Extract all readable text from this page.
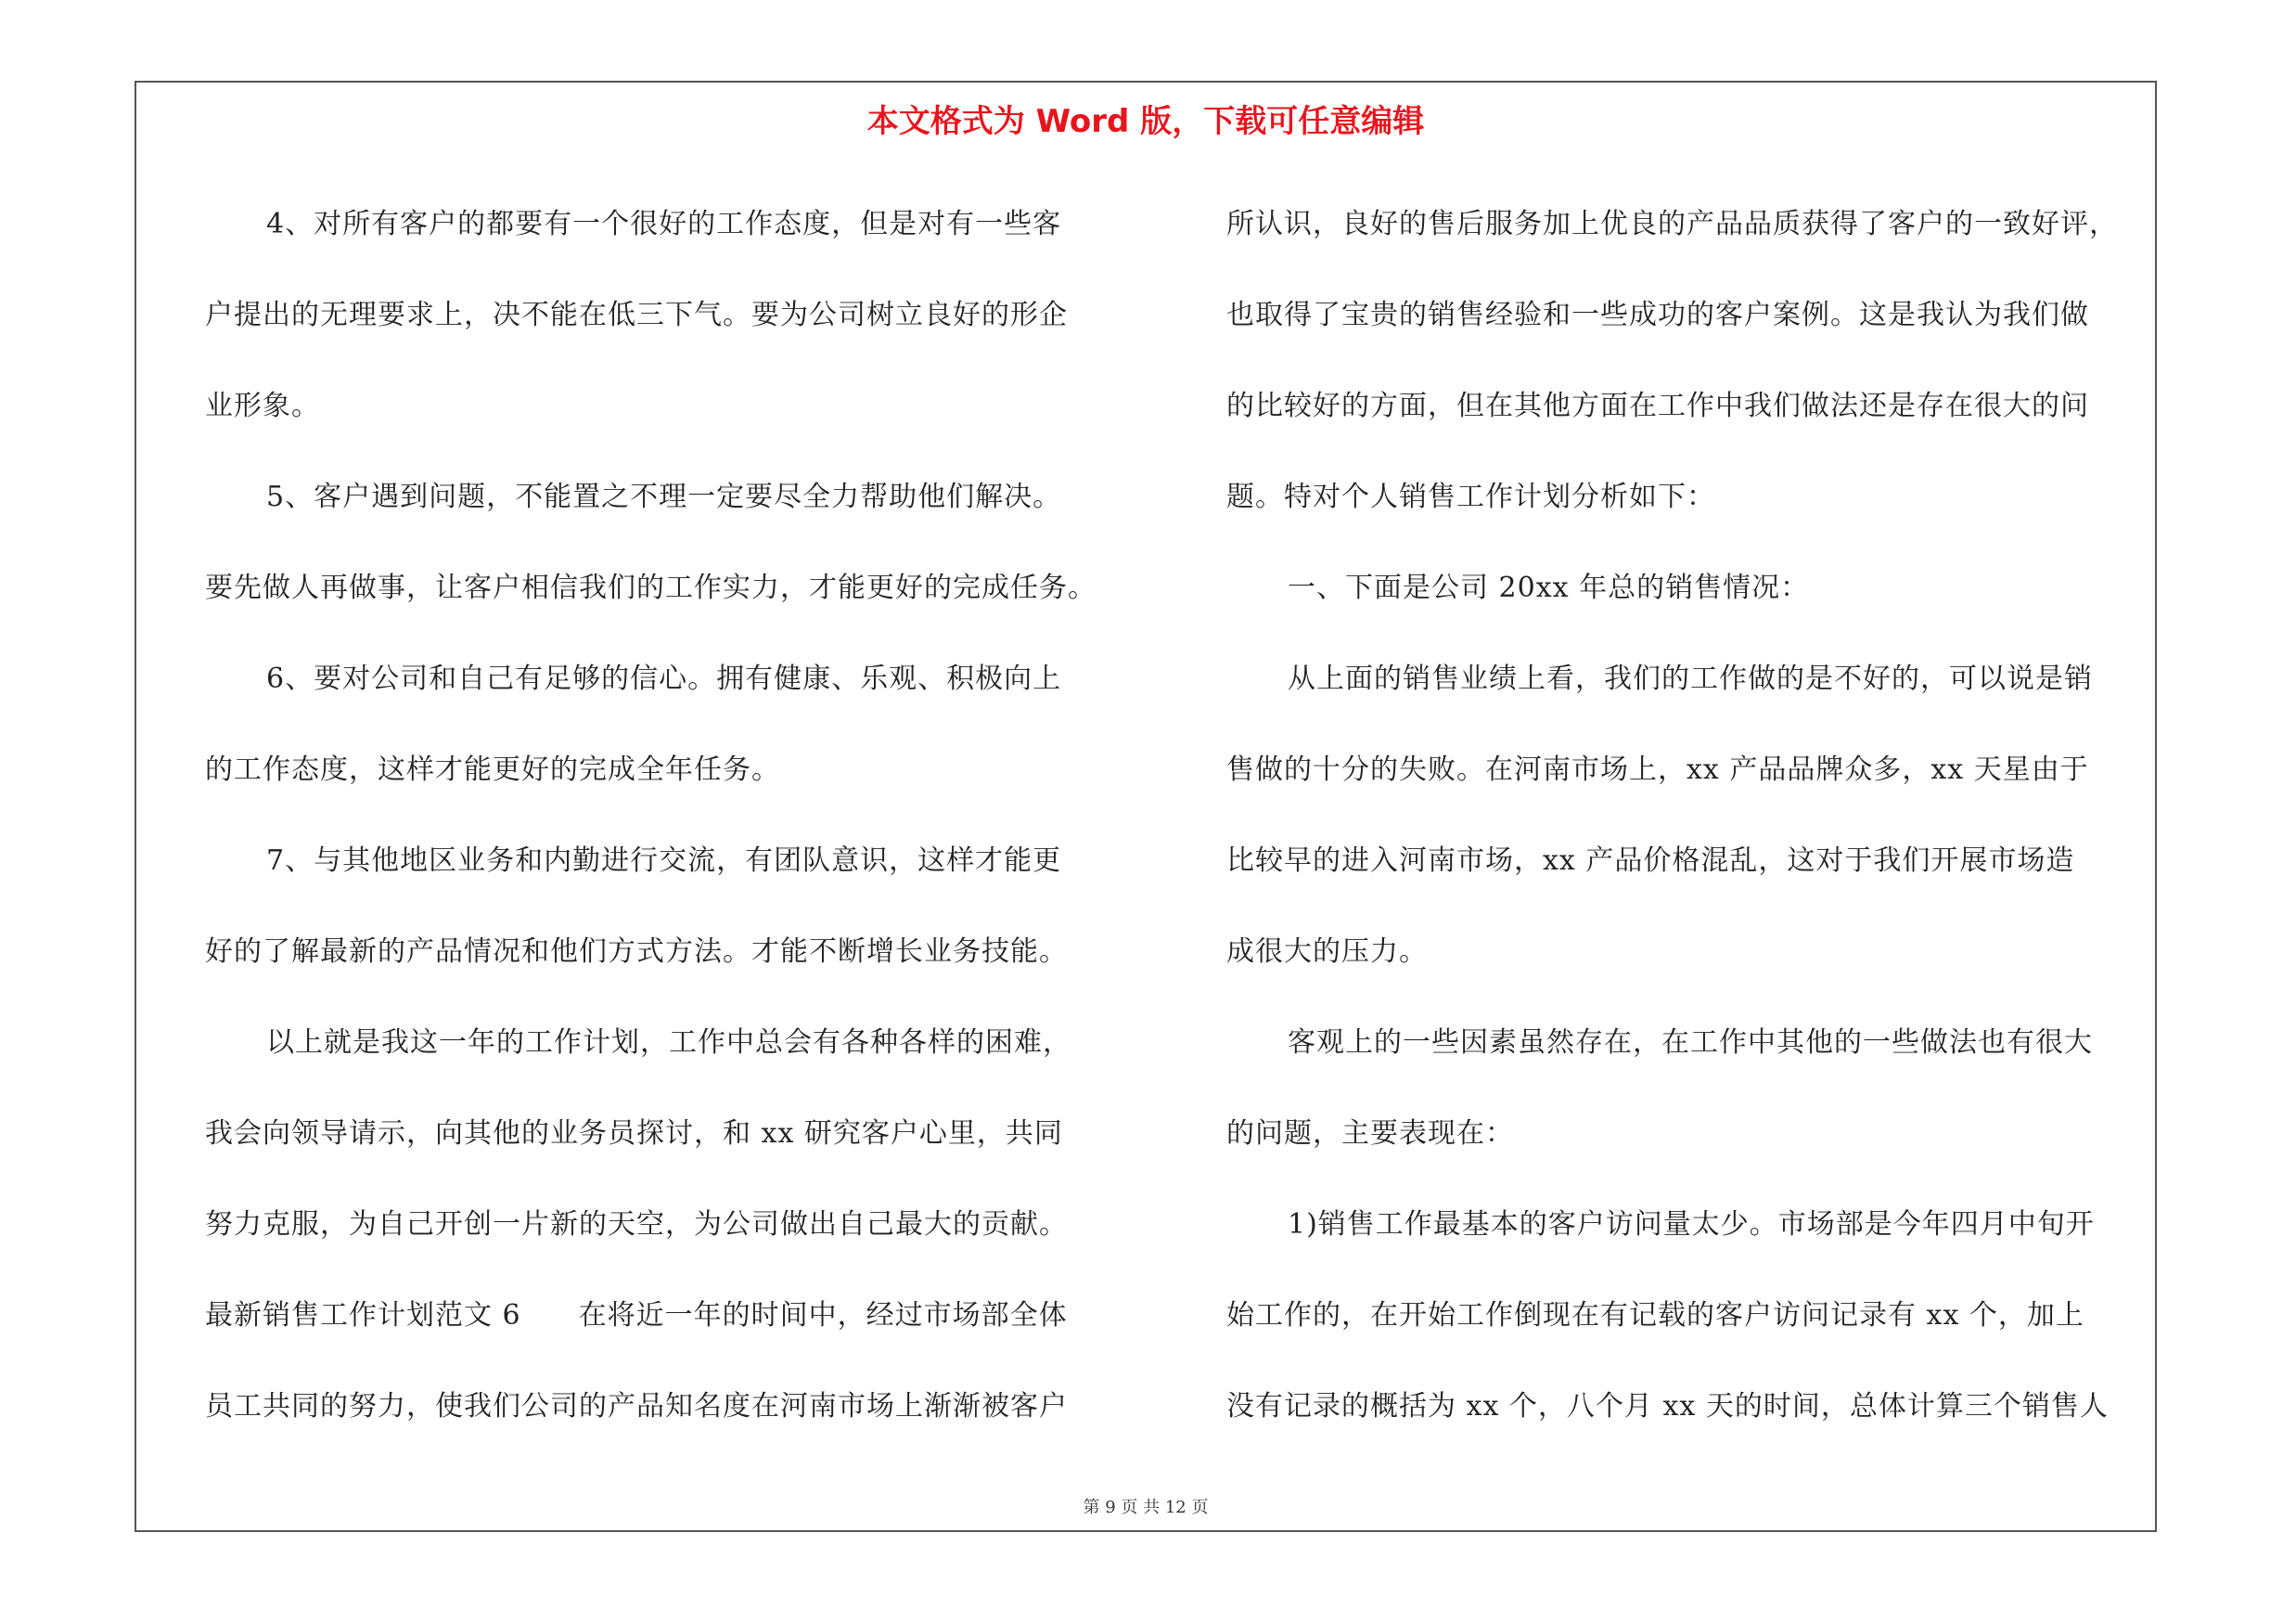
本文格式为 Word 版，下载可任意编辑
4、对所有客户的都要有一个很好的工作态度，但是对有一些客
户提出的无理要求上，决不能在低三下气。要为公司树立良好的形企
业形象。
5、客户遇到问题，不能置之不理一定要尽全力帮助他们解决。
要先做人再做事，让客户相信我们的工作实力，才能更好的完成任务。
6、要对公司和自己有足够的信心。拥有健康、乐观、积极向上
的工作态度，这样才能更好的完成全年任务。
7、与其他地区业务和内勤进行交流，有团队意识，这样才能更
好的了解最新的产品情况和他们方式方法。才能不断增长业务技能。
以上就是我这一年的工作计划，工作中总会有各种各样的困难，
我会向领导请示，向其他的业务员探讨，和 xx 研究客户心里，共同
努力克服，为自己开创一片新的天空，为公司做出自己最大的贡献。
最新销售工作计划范文 6　　在将近一年的时间中，经过市场部全体
员工共同的努力，使我们公司的产品知名度在河南市场上渐渐被客户
所认识，良好的售后服务加上优良的产品品质获得了客户的一致好评，
也取得了宝贵的销售经验和一些成功的客户案例。这是我认为我们做
的比较好的方面，但在其他方面在工作中我们做法还是存在很大的问
题。特对个人销售工作计划分析如下：
一、下面是公司 20xx 年总的销售情况：
从上面的销售业绩上看，我们的工作做的是不好的，可以说是销
售做的十分的失败。在河南市场上，xx 产品品牌众多，xx 天星由于
比较早的进入河南市场，xx 产品价格混乱，这对于我们开展市场造
成很大的压力。
客观上的一些因素虽然存在，在工作中其他的一些做法也有很大
的问题，主要表现在：
1)销售工作最基本的客户访问量太少。市场部是今年四月中旬开
始工作的，在开始工作倒现在有记载的客户访问记录有 xx 个，加上
没有记录的概括为 xx 个，八个月 xx 天的时间，总体计算三个销售人
第 9 页 共 12 页
